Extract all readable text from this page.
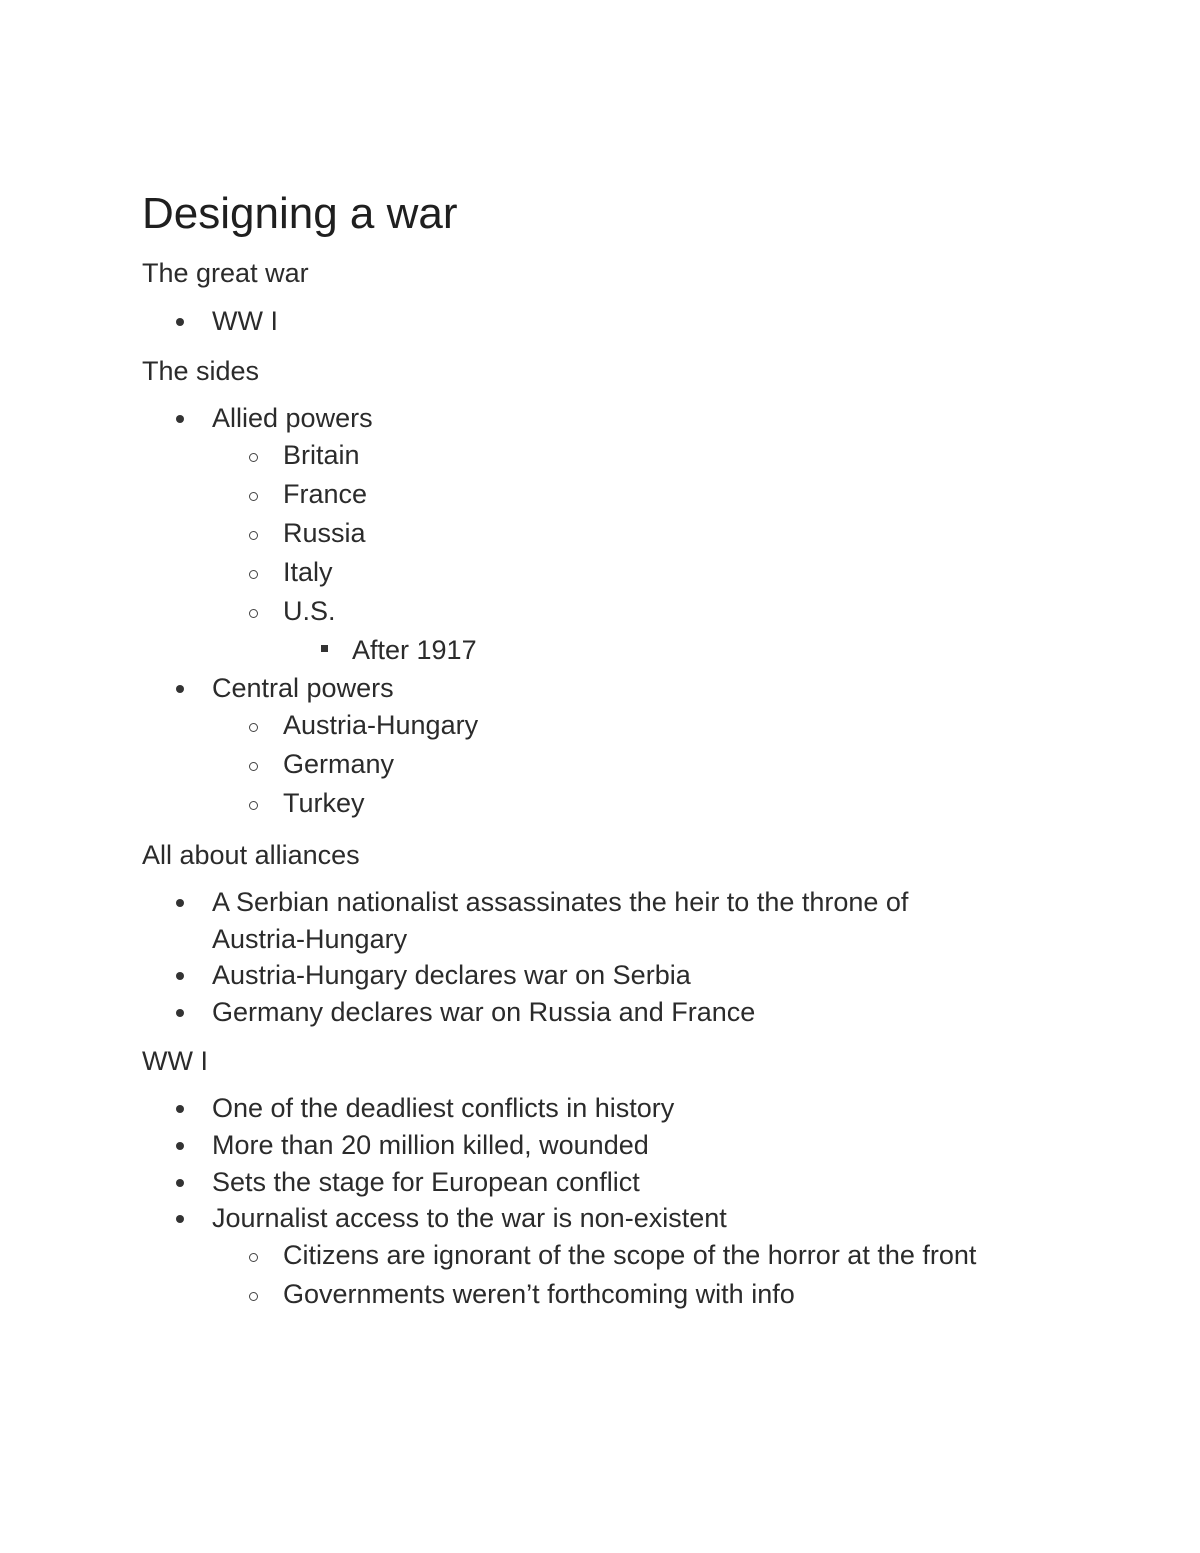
Designing a war

The great war

WW I

The sides

Allied powers
Britain
France
Russia
Italy
U.S.
After 1917
Central powers
Austria-Hungary
Germany
Turkey

All about alliances

A Serbian nationalist assassinates the heir to the throne of
Austria-Hungary
Austria-Hungary declares war on Serbia
Germany declares war on Russia and France

WW I

One of the deadliest conflicts in history
More than 20 million killed, wounded
Sets the stage for European conflict
Journalist access to the war is non-existent
Citizens are ignorant of the scope of the horror at the front
Governments weren’t forthcoming with info
